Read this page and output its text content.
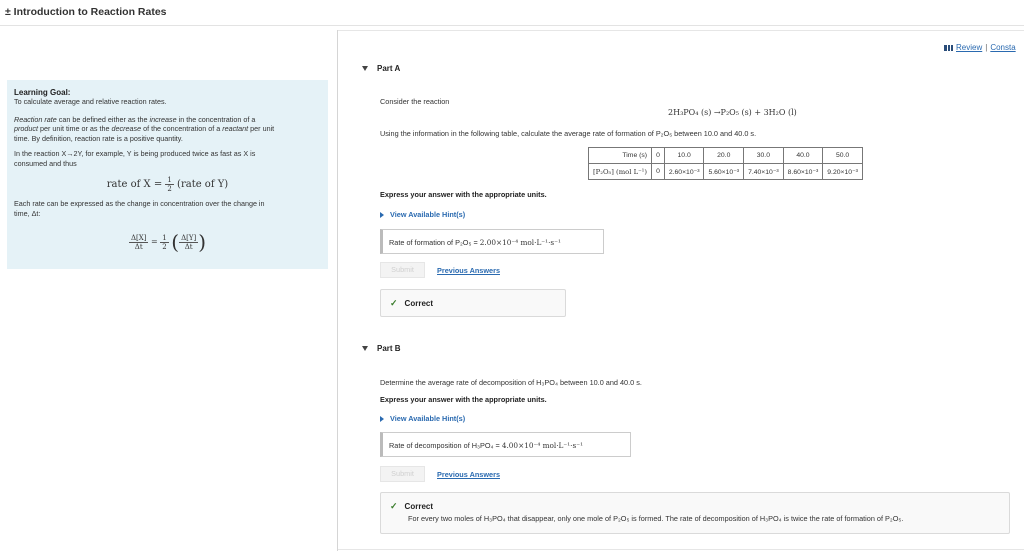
± Introduction to Reaction Rates
Review | Consta
Learning Goal:

To calculate average and relative reaction rates.

Reaction rate can be defined either as the increase in the concentration of a
product per unit time or as the decrease of the concentration of a reactant per unit
time. By definition, reaction rate is a positive quantity.

In the reaction X→2Y, for example, Y is being produced twice as fast as X is
consumed and thus

rate of $X = \frac{1}{2}$ (rate of Y)

Each rate can be expressed as the change in concentration over the change in
time, Δt:

$\frac{\Delta[X]}{\Delta t} = \frac{1}{2}$ ( $\frac{\Delta[Y]}{\Delta t}$ )
Part A
Consider the reaction
2H₃PO₄ (s) →P₂O₅ (s) + 3H₂O (l)
Using the information in the following table, calculate the average rate of formation of P₂O₅ between 10.0 and 40.0 s.
Time (s)	0	10.0	20.0	30.0	40.0	50.0
[P₂O₅] (mol L⁻¹)	0	2.60×10⁻³	5.60×10⁻³	7.40×10⁻³	8.60×10⁻³	9.20×10⁻³
Express your answer with the appropriate units.
View Available Hint(s)
Rate of formation of P₂O₅ = 2.00×10⁻⁴ mol·L⁻¹·s⁻¹
Submit	Previous Answers
✓ Correct
Part B
Determine the average rate of decomposition of H₃PO₄ between 10.0 and 40.0 s.
Express your answer with the appropriate units.
View Available Hint(s)
Rate of decomposition of H₃PO₄ = 4.00×10⁻⁴ mol·L⁻¹·s⁻¹
Submit	Previous Answers
✓ Correct
For every two moles of H₃PO₄ that disappear, only one mole of P₂O₅ is formed. The rate of decomposition of H₃PO₄ is twice the rate of formation of P₂O₅.
